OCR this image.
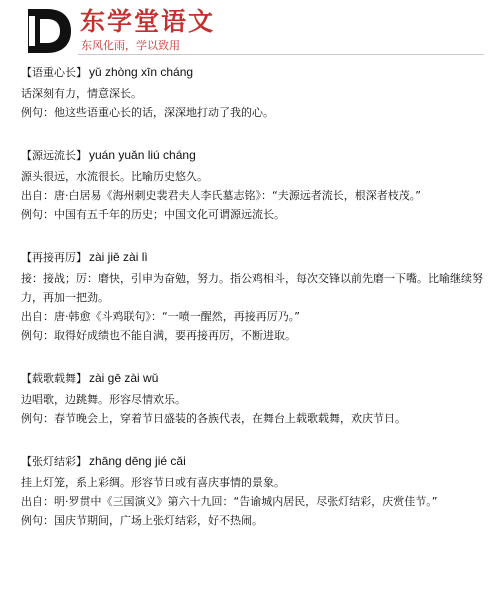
东学堂语文
东风化雨，学以致用
【语重心长】 yǔ zhòng xīn cháng
话深刻有力，情意深长。
例句：他这些语重心长的话，深深地打动了我的心。
【源远流长】 yuán yuǎn liú cháng
源头很远，水流很长。比喻历史悠久。
出自：唐·白居易《海州刺史裴君夫人李氏墓志铭》：“夫源远者流长，根深者枝茂。”
例句：中国有五千年的历史；中国文化可谓源远流长。
【再接再厉】 zài jiē zài lì
接：接战；厉：磨快，引申为奋勉，努力。指公鸡相斗，每次交锋以前先磨一下嘴。比喻继续努力，再加一把劲。
出自：唐·韩愈《斗鸡联句》：“一喷一醒然，再接再厉乃。”
例句：取得好成绩也不能自满，要再接再厉，不断进取。
【载歌载舞】 zài gē zài wǔ
边唱歌，边跳舞。形容尽情欢乐。
例句：春节晚会上，穿着节日盛装的各族代表，在舞台上载歌载舞，欢庆节日。
【张灯结彩】 zhāng dēng jié cǎi
挂上灯笼，系上彩绸。形容节日或有喜庆事情的景象。
出自：明·罗贯中《三国演义》第六十九回：“告谕城内居民，尽张灯结彩，庆赏佳节。”
例句：国庆节期间，广场上张灯结彩，好不热闹。
